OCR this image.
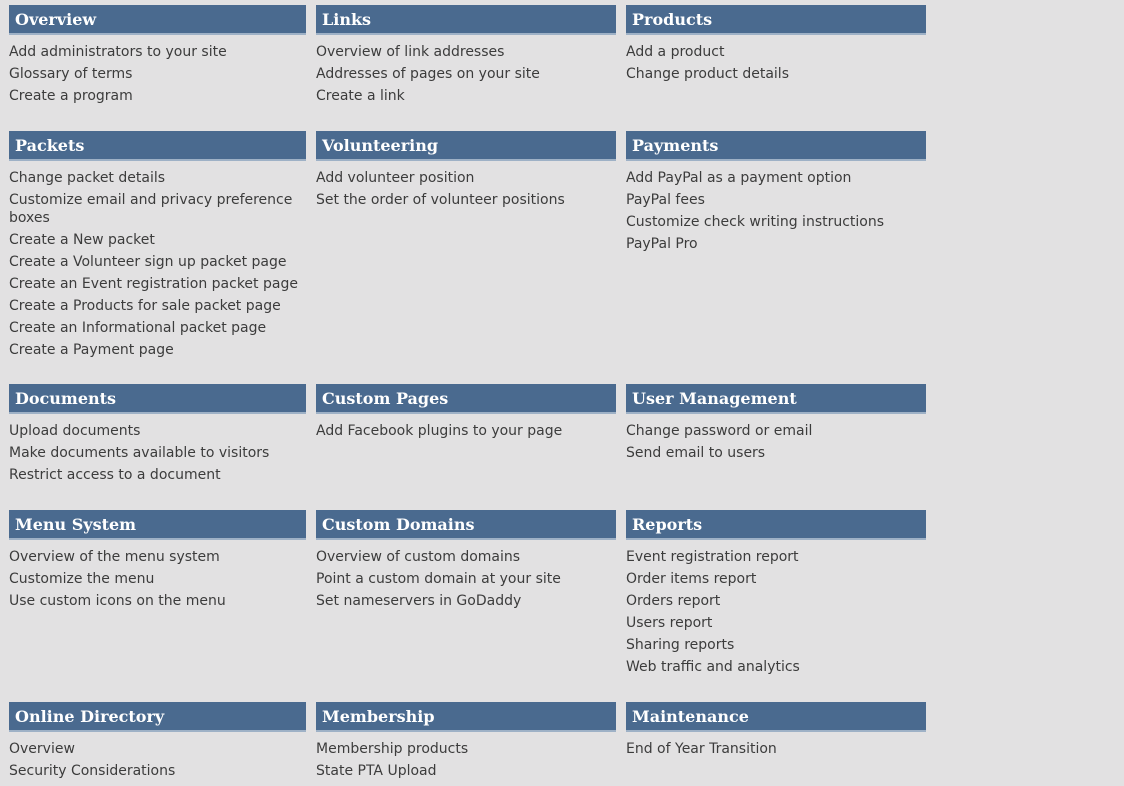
Overview
Add administrators to your site
Glossary of terms
Create a program
Links
Overview of link addresses
Addresses of pages on your site
Create a link
Products
Add a product
Change product details
Packets
Change packet details
Customize email and privacy preference boxes
Create a New packet
Create a Volunteer sign up packet page
Create an Event registration packet page
Create a Products for sale packet page
Create an Informational packet page
Create a Payment page
Volunteering
Add volunteer position
Set the order of volunteer positions
Payments
Add PayPal as a payment option
PayPal fees
Customize check writing instructions
PayPal Pro
Documents
Upload documents
Make documents available to visitors
Restrict access to a document
Custom Pages
Add Facebook plugins to your page
User Management
Change password or email
Send email to users
Menu System
Overview of the menu system
Customize the menu
Use custom icons on the menu
Custom Domains
Overview of custom domains
Point a custom domain at your site
Set nameservers in GoDaddy
Reports
Event registration report
Order items report
Orders report
Users report
Sharing reports
Web traffic and analytics
Online Directory
Overview
Security Considerations
Membership
Membership products
State PTA Upload
Maintenance
End of Year Transition
